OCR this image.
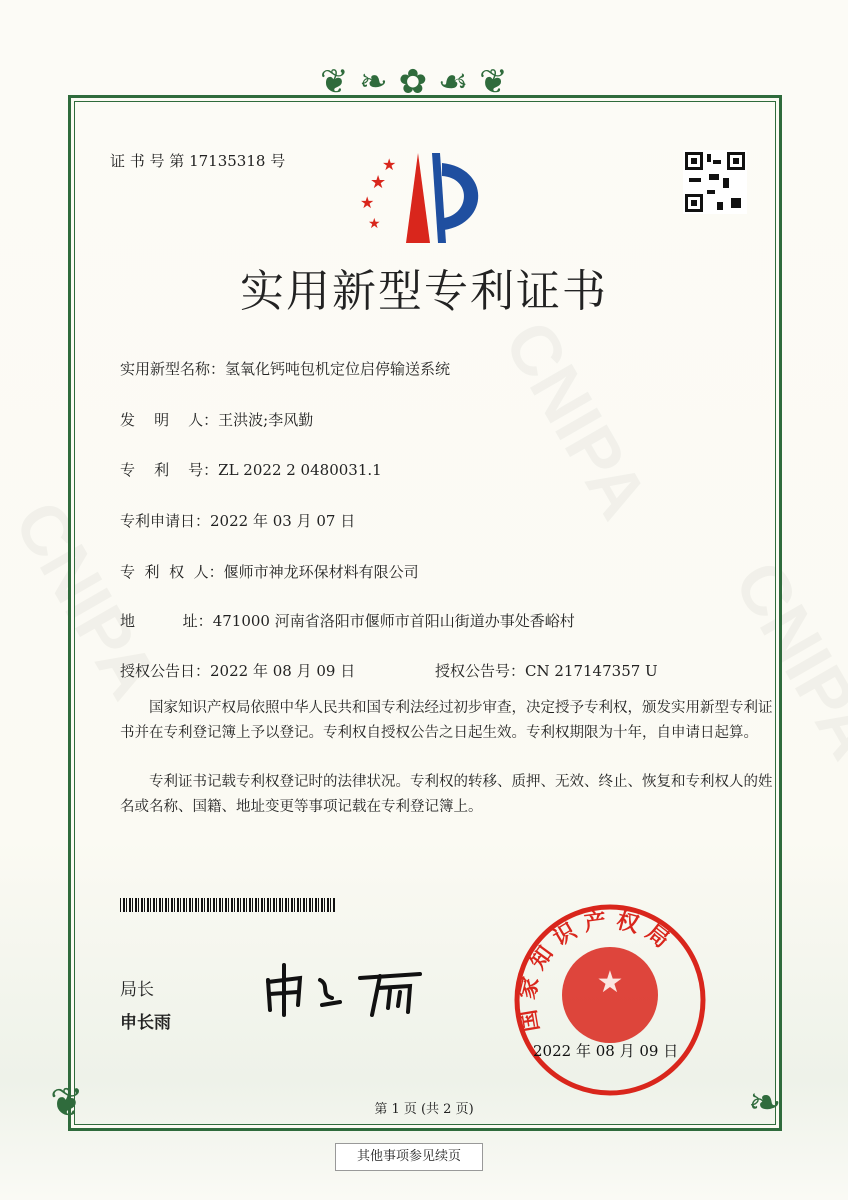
❦ ❧ ✿ ☙ ❦
❦	❧
证 书 号 第 17135318 号
★
★
★
★
实用新型专利证书
实用新型名称：氢氧化钙吨包机定位启停输送系统
发    明    人：王洪波;李风勤
专    利    号：ZL 2022 2 0480031.1
专利申请日：2022 年 03 月 07 日
专  利  权  人：偃师市神龙环保材料有限公司
地          址：471000 河南省洛阳市偃师市首阳山街道办事处香峪村
授权公告日：2022 年 08 月 09 日	授权公告号：CN 217147357 U
国家知识产权局依照中华人民共和国专利法经过初步审查，决定授予专利权，颁发实用新型专利证书并在专利登记簿上予以登记。专利权自授权公告之日起生效。专利权期限为十年，自申请日起算。
专利证书记载专利权登记时的法律状况。专利权的转移、质押、无效、终止、恢复和专利权人的姓名或名称、国籍、地址变更等事项记载在专利登记簿上。
局长
申长雨
★
国家知识产权局
2022 年 08 月 09 日
第 1 页 (共 2 页)
其他事项参见续页
